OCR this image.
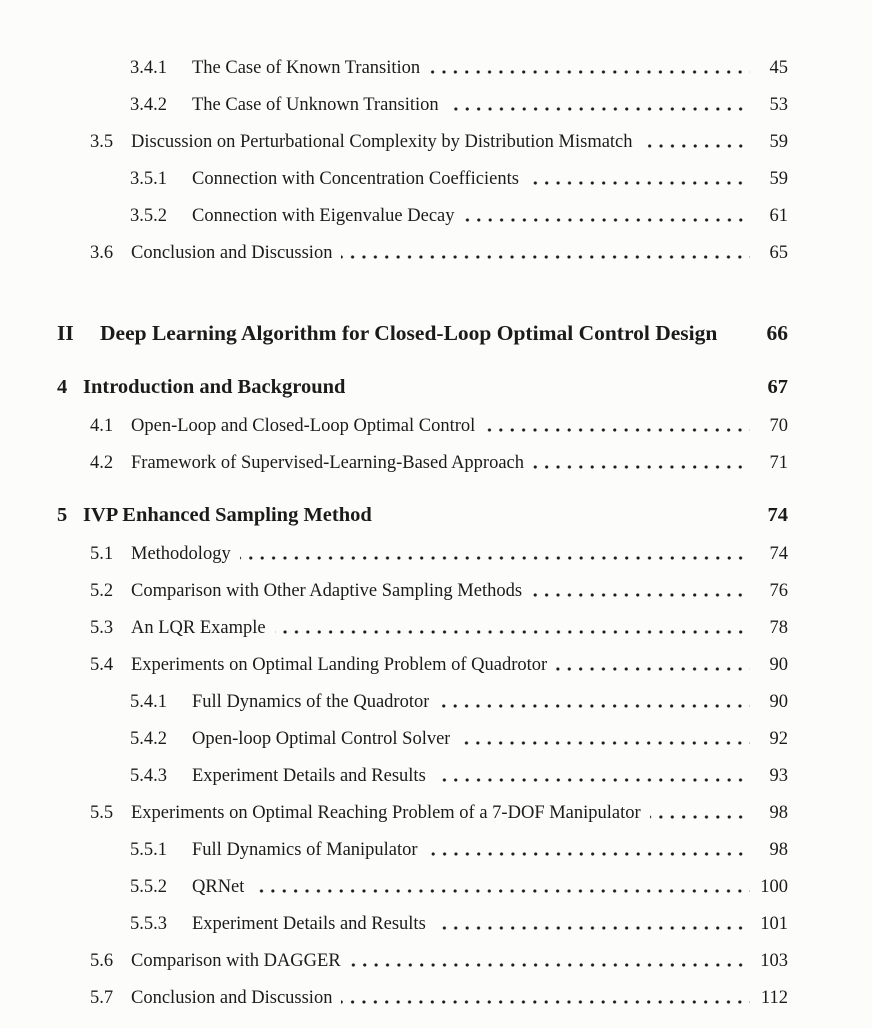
3.4.1	The Case of Known Transition	45
3.4.2	The Case of Unknown Transition	53
3.5 Discussion on Perturbational Complexity by Distribution Mismatch	59
3.5.1	Connection with Concentration Coefficients	59
3.5.2	Connection with Eigenvalue Decay	61
3.6 Conclusion and Discussion	65
II	Deep Learning Algorithm for Closed-Loop Optimal Control Design	66
4 Introduction and Background	67
4.1 Open-Loop and Closed-Loop Optimal Control	70
4.2 Framework of Supervised-Learning-Based Approach	71
5 IVP Enhanced Sampling Method	74
5.1 Methodology	74
5.2 Comparison with Other Adaptive Sampling Methods	76
5.3 An LQR Example	78
5.4 Experiments on Optimal Landing Problem of Quadrotor	90
5.4.1	Full Dynamics of the Quadrotor	90
5.4.2	Open-loop Optimal Control Solver	92
5.4.3	Experiment Details and Results	93
5.5 Experiments on Optimal Reaching Problem of a 7-DOF Manipulator	98
5.5.1	Full Dynamics of Manipulator	98
5.5.2	QRNet	100
5.5.3	Experiment Details and Results	101
5.6 Comparison with DAGGER	103
5.7 Conclusion and Discussion	112
